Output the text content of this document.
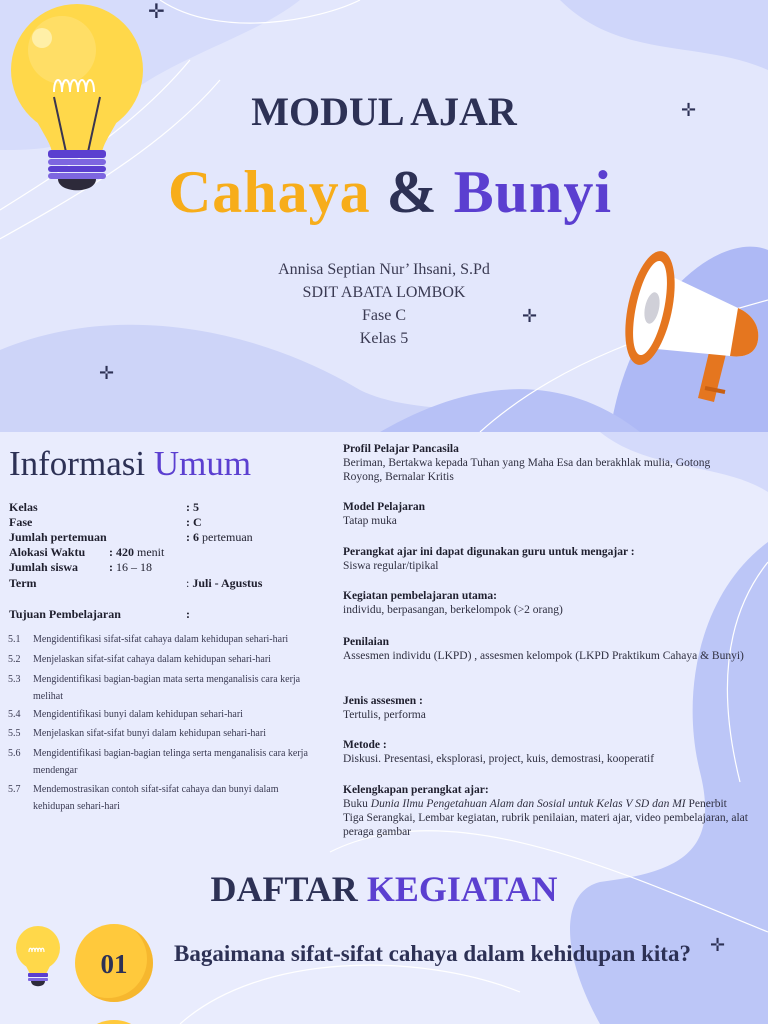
✛
✛
✛
✛
MODUL AJAR
Cahaya & Bunyi
Annisa Septian Nur’ Ihsani, S.Pd
SDIT ABATA LOMBOK
Fase C
Kelas 5
Informasi Umum
Kelas	: 5
Fase	: C
Jumlah pertemuan	: 6 pertemuan
Alokasi Waktu : 420 menit
Jumlah siswa	: 16 – 18
Term	: Juli - Agustus
Tujuan Pembelajaran	:
5.1 Mengidentifikasi sifat-sifat cahaya dalam kehidupan sehari-hari
5.2 Menjelaskan sifat-sifat cahaya dalam kehidupan sehari-hari
5.3 Mengidentifikasi bagian-bagian mata serta menganalisis cara kerja melihat
5.4 Mengidentifikasi bunyi dalam kehidupan sehari-hari
5.5 Menjelaskan sifat-sifat bunyi dalam kehidupan sehari-hari
5.6 Mengidentifikasi bagian-bagian telinga serta menganalisis cara kerja mendengar
5.7 Mendemostrasikan contoh sifat-sifat cahaya dan bunyi dalam kehidupan sehari-hari
Profil Pelajar Pancasila
Beriman, Bertakwa kepada Tuhan yang Maha Esa dan berakhlak mulia, Gotong Royong, Bernalar Kritis
Model Pelajaran
Tatap muka
Perangkat ajar ini dapat digunakan guru untuk mengajar :
Siswa regular/tipikal
Kegiatan pembelajaran utama:
individu, berpasangan, berkelompok (>2 orang)
Penilaian
Assesmen individu (LKPD) , assesmen kelompok (LKPD Praktikum Cahaya & Bunyi)
Jenis assesmen :
Tertulis, performa
Metode :
Diskusi. Presentasi, eksplorasi, project, kuis, demostrasi, kooperatif
Kelengkapan perangkat ajar:
Buku Dunia Ilmu Pengetahuan Alam dan Sosial untuk Kelas V SD dan MI Penerbit Tiga Serangkai, Lembar kegiatan, rubrik penilaian, materi ajar, video pembelajaran, alat peraga gambar
DAFTAR KEGIATAN
01	Bagaimana sifat-sifat cahaya dalam kehidupan kita?	✛
